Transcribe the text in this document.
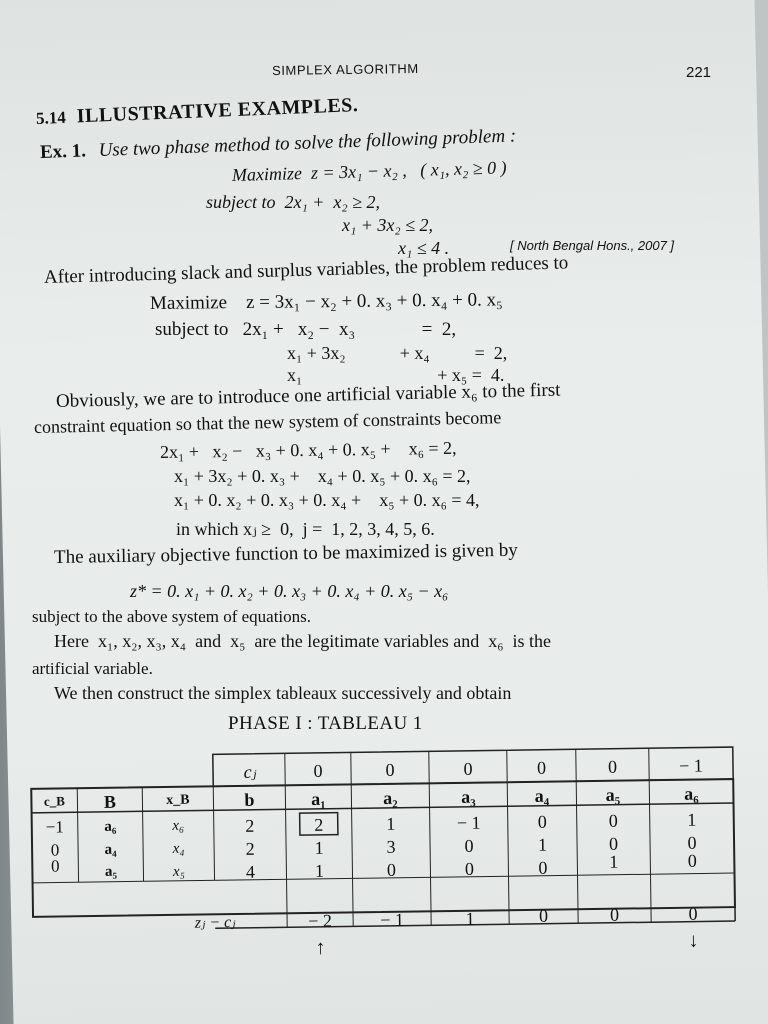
SIMPLEX ALGORITHM	221
5.14 ILLUSTRATIVE EXAMPLES.
Ex. 1. Use two phase method to solve the following problem :
Maximize  z = 3x₁ − x₂ ,   ( x₁, x₂ ≥ 0 )
subject to  2x₁ +  x₂ ≥ 2,
x₁ + 3x₂ ≤ 2,
x₁ ≤ 4 .	[ North Bengal Hons., 2007 ]
After introducing slack and surplus variables, the problem reduces to
Maximize    z = 3x₁ − x₂ + 0. x₃ + 0. x₄ + 0. x₅
subject to   2x₁ +   x₂ −  x₃              =  2,
x₁ + 3x₂            + x₄          =  2,
x₁                              + x₅ =  4.
Obviously, we are to introduce one artificial variable x₆ to the first
constraint equation so that the new system of constraints become
2x₁ +   x₂ −   x₃ + 0. x₄ + 0. x₅ +    x₆ = 2,
x₁ + 3x₂ + 0. x₃ +    x₄ + 0. x₅ + 0. x₆ = 2,
x₁ + 0. x₂ + 0. x₃ + 0. x₄ +    x₅ + 0. x₆ = 4,
in which xⱼ ≥  0,  j =  1, 2, 3, 4, 5, 6.
The auxiliary objective function to be maximized is given by
z* = 0. x₁ + 0. x₂ + 0. x₃ + 0. x₄ + 0. x₅ − x₆
subject to the above system of equations.
Here  x₁, x₂, x₃, x₄  and  x₅  are the legitimate variables and  x₆  is the
artificial variable.
We then construct the simplex tableaux successively and obtain
PHASE I : TABLEAU 1
cⱼ	0	0	0	0	0	− 1
c_B	B	x_B	b	a₁	a₂	a₃	a₄	a₅	a₆
−1	a₆	x₆	2	2	1	− 1	0	0	1
0	a₄	x₄	2	1	3	0	1	0	0
0	a₅	x₅	4	1	0	0	0	1	0
zⱼ − cⱼ	− 2	− 1	1	0	0	0
↑	↓
